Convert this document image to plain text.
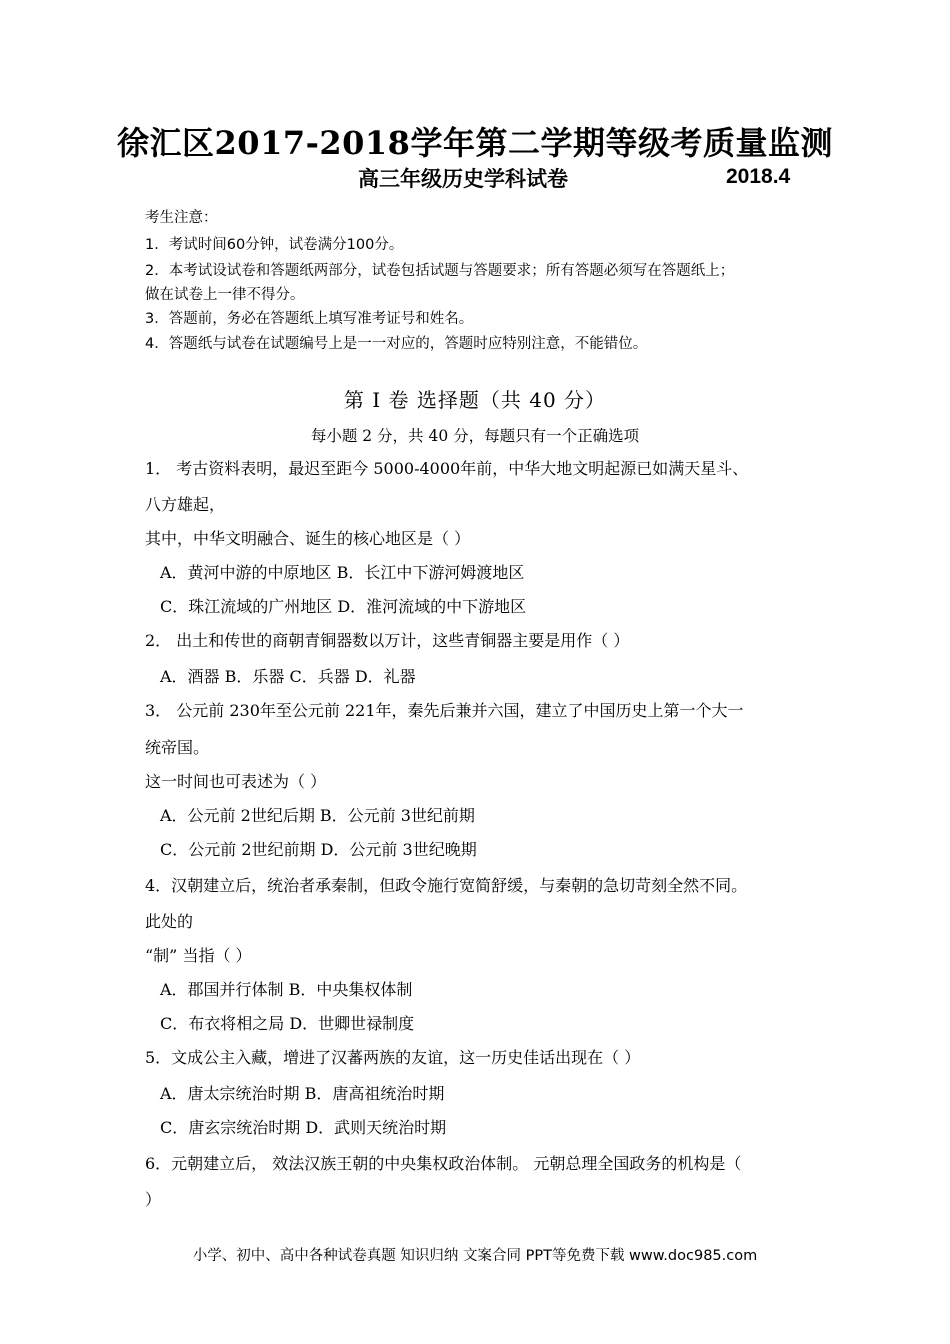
徐汇区2017-2018学年第二学期等级考质量监测
高三年级历史学科试卷	2018.4
考生注意：
1．考试时间60分钟，试卷满分100分。
2．本考试设试卷和答题纸两部分，试卷包括试题与答题要求；所有答题必须写在答题纸上；
做在试卷上一律不得分。
3．答题前，务必在答题纸上填写准考证号和姓名。
4．答题纸与试卷在试题编号上是一一对应的，答题时应特别注意，不能错位。
第 Ⅰ 卷 选择题（共 40 分）
每小题 2 分，共 40 分，每题只有一个正确选项
1． 考古资料表明，最迟至距今 5000-4000年前，中华大地文明起源已如满天星斗、
八方雄起，
其中，中华文明融合、诞生的核心地区是（ ）
A．黄河中游的中原地区 B．长江中下游河姆渡地区
C．珠江流域的广州地区 D．淮河流域的中下游地区
2． 出土和传世的商朝青铜器数以万计，这些青铜器主要是用作（ ）
A．酒器 B．乐器 C．兵器 D．礼器
3． 公元前 230年至公元前 221年，秦先后兼并六国，建立了中国历史上第一个大一
统帝国。
这一时间也可表述为（ ）
A．公元前 2世纪后期 B．公元前 3世纪前期
C．公元前 2世纪前期 D．公元前 3世纪晚期
4．汉朝建立后，统治者承秦制，但政令施行宽简舒缓，与秦朝的急切苛刻全然不同。
此处的
“制” 当指（ ）
A．郡国并行体制 B．中央集权体制
C．布衣将相之局 D．世卿世禄制度
5．文成公主入藏，增进了汉蕃两族的友谊，这一历史佳话出现在（ ）
A．唐太宗统治时期 B．唐高祖统治时期
C．唐玄宗统治时期 D．武则天统治时期
6．元朝建立后， 效法汉族王朝的中央集权政治体制。 元朝总理全国政务的机构是（
）
小学、初中、高中各种试卷真题 知识归纳 文案合同 PPT等免费下载 www.doc985.com
